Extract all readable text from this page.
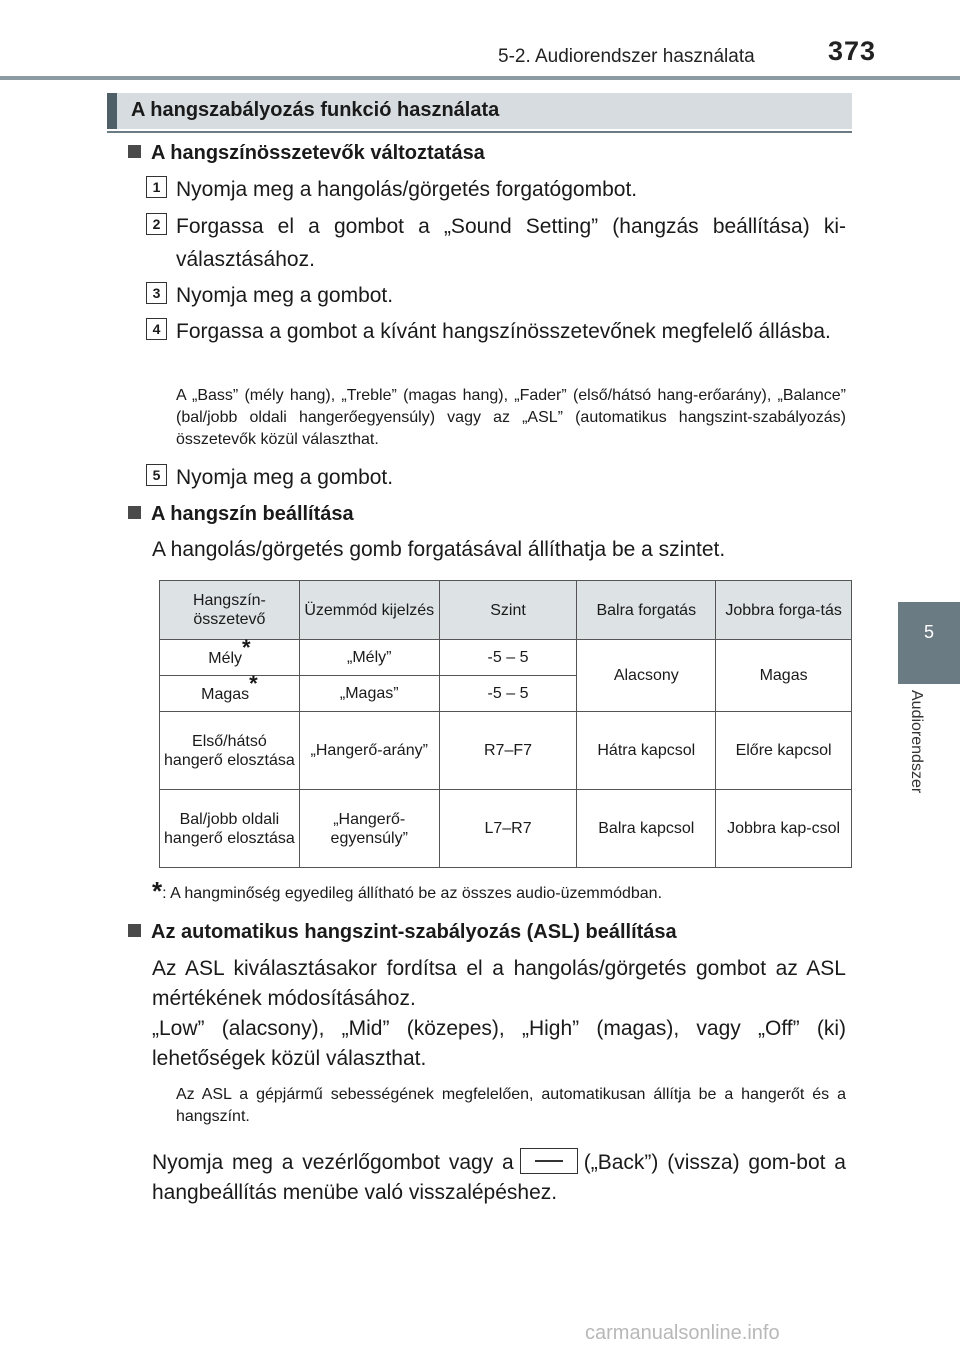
5-2. Audiorendszer használata	373
5
Audiorendszer
A hangszabályozás funkció használata
A hangszínösszetevők változtatása
1 Nyomja meg a hangolás/görgetés forgatógombot.
2 Forgassa el a gombot a „Sound Setting” (hangzás beállítása) ki-választásához.
3 Nyomja meg a gombot.
4 Forgassa a gombot a kívánt hangszínösszetevőnek megfelelő állásba.
A „Bass” (mély hang), „Treble” (magas hang), „Fader” (első/hátsó hang-erőarány), „Balance” (bal/jobb oldali hangerőegyensúly) vagy az „ASL” (automatikus hangszint-szabályozás) összetevők közül választhat.
5 Nyomja meg a gombot.
A hangszín beállítása
A hangolás/görgetés gomb forgatásával állíthatja be a szintet.
Hangszín-összetevő	Üzemmód kijelzés	Szint	Balra forgatás	Jobbra forga-tás
Mély*	„Mély”	-5 – 5	Alacsony	Magas
Magas*	„Magas”	-5 – 5		
Első/hátsó hangerő elosztása	„Hangerő-arány”	R7–F7	Hátra kapcsol	Előre kapcsol
Bal/jobb oldali hangerő elosztása	„Hangerő-egyensúly”	L7–R7	Balra kapcsol	Jobbra kap-csol
*: A hangminőség egyedileg állítható be az összes audio-üzemmódban.
Az automatikus hangszint-szabályozás (ASL) beállítása
Az ASL kiválasztásakor fordítsa el a hangolás/görgetés gombot az ASL mértékének módosításához.
„Low” (alacsony), „Mid” (közepes), „High” (magas), vagy „Off” (ki) lehetőségek közül választhat.
Az ASL a gépjármű sebességének megfelelően, automatikusan állítja be a hangerőt és a hangszínt.
Nyomja meg a vezérlőgombot vagy a	(„Back”) (vissza) gom-bot a hangbeállítás menübe való visszalépéshez.
carmanualsonline.info
